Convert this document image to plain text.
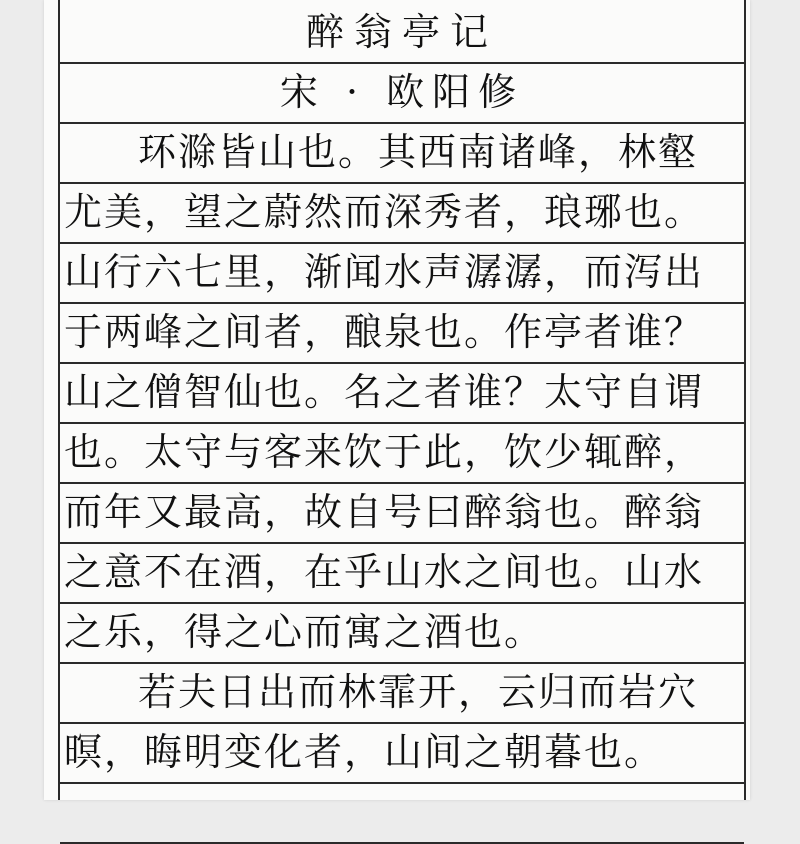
醉翁亭记
宋 · 欧阳修
环滁皆山也。其西南诸峰，林壑
尤美，望之蔚然而深秀者，琅琊也。
山行六七里，渐闻水声潺潺，而泻出
于两峰之间者，酿泉也。作亭者谁？
山之僧智仙也。名之者谁？太守自谓
也。太守与客来饮于此，饮少辄醉，
而年又最高，故自号曰醉翁也。醉翁
之意不在酒，在乎山水之间也。山水
之乐，得之心而寓之酒也。
若夫日出而林霏开，云归而岩穴
暝，晦明变化者，山间之朝暮也。
